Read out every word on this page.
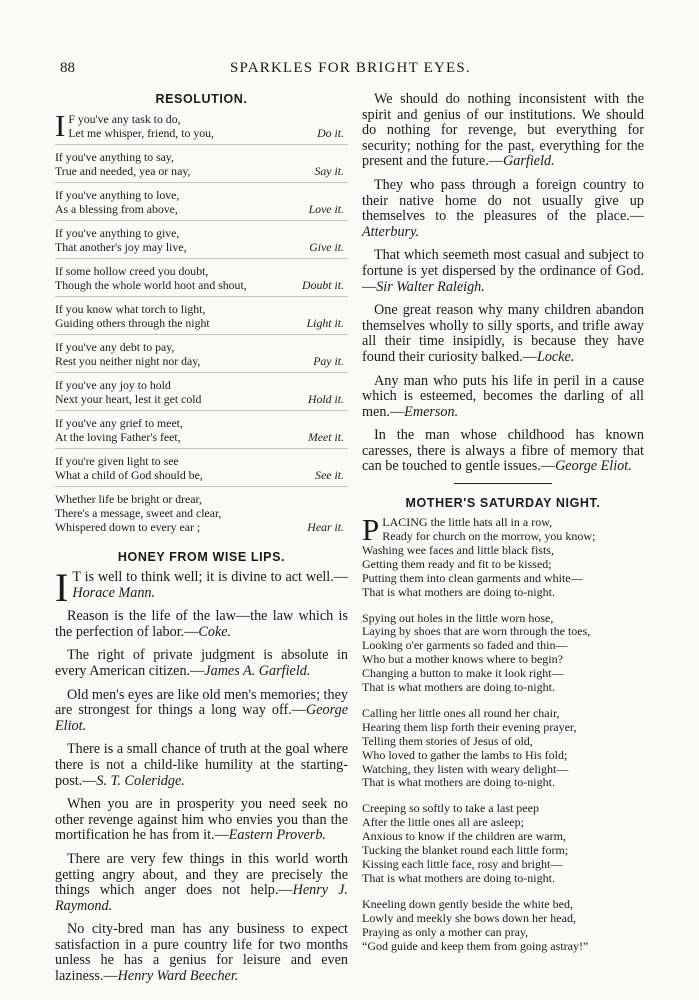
88	SPARKLES FOR BRIGHT EYES.
RESOLUTION.
I F you've any task to do,
Let me whisper, friend, to you,	Do it.
If you've anything to say,
True and needed, yea or nay,	Say it.
If you've anything to love,
As a blessing from above,	Love it.
If you've anything to give,
That another's joy may live,	Give it.
If some hollow creed you doubt,
Though the whole world hoot and shout,	Doubt it.
If you know what torch to light,
Guiding others through the night	Light it.
If you've any debt to pay,
Rest you neither night nor day,	Pay it.
If you've any joy to hold
Next your heart, lest it get cold	Hold it.
If you've any grief to meet,
At the loving Father's feet,	Meet it.
If you're given light to see
What a child of God should be,	See it.
Whether life be bright or drear,
There's a message, sweet and clear,
Whispered down to every ear ;	Hear it.
HONEY FROM WISE LIPS.

I T is well to think well; it is divine to act well.—Horace Mann.

Reason is the life of the law—the law which is the perfection of labor.—Coke.

The right of private judgment is absolute in every American citizen.—James A. Garfield.

Old men's eyes are like old men's memories; they are strongest for things a long way off.—George Eliot.

There is a small chance of truth at the goal where there is not a child-like humility at the starting-post.—S. T. Coleridge.

When you are in prosperity you need seek no other revenge against him who envies you than the mortification he has from it.—Eastern Proverb.

There are very few things in this world worth getting angry about, and they are precisely the things which anger does not help.—Henry J. Raymond.

No city-bred man has any business to expect satisfaction in a pure country life for two months unless he has a genius for leisure and even laziness.—Henry Ward Beecher.

We should do nothing inconsistent with the spirit and genius of our institutions. We should do nothing for revenge, but everything for security; nothing for the past, everything for the present and the future.—Garfield.

They who pass through a foreign country to their native home do not usually give up themselves to the pleasures of the place.—Atterbury.

That which seemeth most casual and subject to fortune is yet dispersed by the ordinance of God.—Sir Walter Raleigh.

One great reason why many children abandon themselves wholly to silly sports, and trifle away all their time insipidly, is because they have found their curiosity balked.—Locke.

Any man who puts his life in peril in a cause which is esteemed, becomes the darling of all men.—Emerson.

In the man whose childhood has known caresses, there is always a fibre of memory that can be touched to gentle issues.—George Eliot.

MOTHER'S SATURDAY NIGHT.
P LACING the little hats all in a row,
Ready for church on the morrow, you know;
Washing wee faces and little black fists,
Getting them ready and fit to be kissed;
Putting them into clean garments and white—
That is what mothers are doing to-night.
Spying out holes in the little worn hose,
Laying by shoes that are worn through the toes,
Looking o'er garments so faded and thin—
Who but a mother knows where to begin?
Changing a button to make it look right—
That is what mothers are doing to-night.
Calling her little ones all round her chair,
Hearing them lisp forth their evening prayer,
Telling them stories of Jesus of old,
Who loved to gather the lambs to His fold;
Watching, they listen with weary delight—
That is what mothers are doing to-night.
Creeping so softly to take a last peep
After the little ones all are asleep;
Anxious to know if the children are warm,
Tucking the blanket round each little form;
Kissing each little face, rosy and bright—
That is what mothers are doing to-night.
Kneeling down gently beside the white bed,
Lowly and meekly she bows down her head,
Praying as only a mother can pray,
“God guide and keep them from going astray!”
